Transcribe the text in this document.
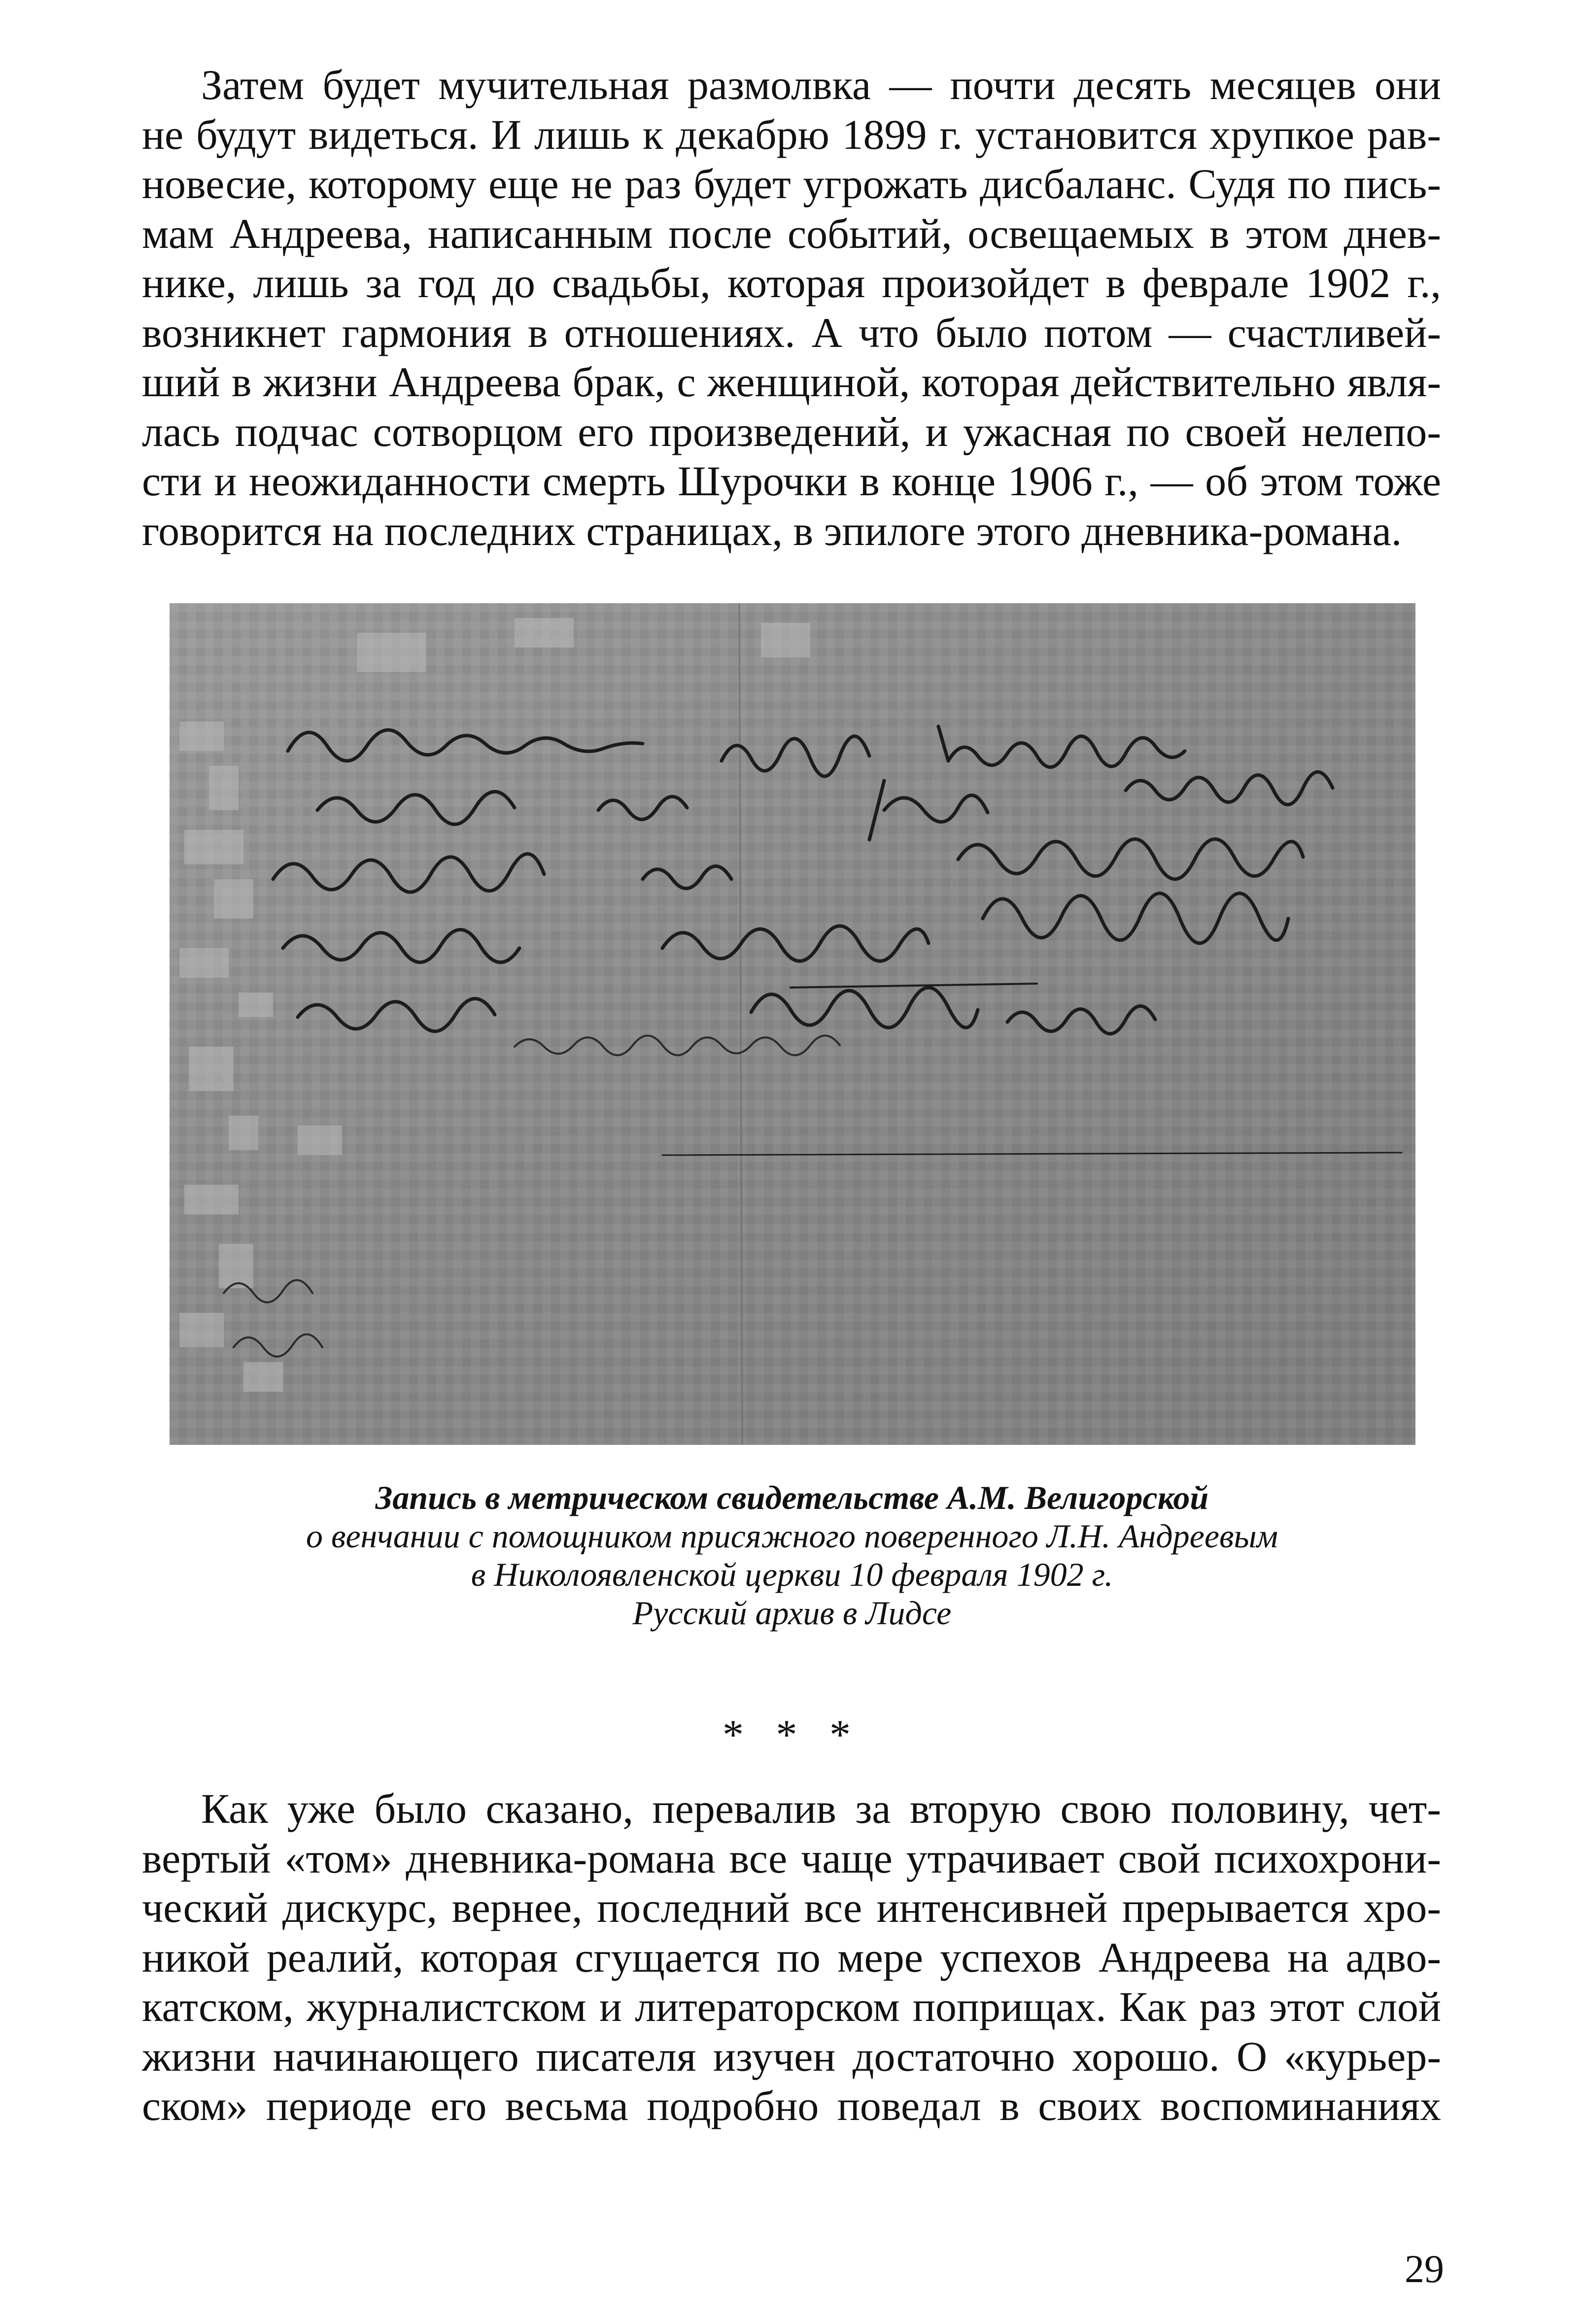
Затем будет мучительная размолвка — почти десять месяцев они
не будут видеться. И лишь к декабрю 1899 г. установится хрупкое рав-
новесие, которому еще не раз будет угрожать дисбаланс. Судя по пись-
мам Андреева, написанным после событий, освещаемых в этом днев-
нике, лишь за год до свадьбы, которая произойдет в феврале 1902 г.,
возникнет гармония в отношениях. А что было потом — счастливей-
ший в жизни Андреева брак, с женщиной, которая действительно явля-
лась подчас сотворцом его произведений, и ужасная по своей нелепо-
сти и неожиданности смерть Шурочки в конце 1906 г., — об этом тоже
говорится на последних страницах, в эпилоге этого дневника-романа.
Запись в метрическом свидетельстве А.М. Велигорской
о венчании с помощником присяжного поверенного Л.Н. Андреевым
в Николоявленской церкви 10 февраля 1902 г.
Русский архив в Лидсе
* * *
Как уже было сказано, перевалив за вторую свою половину, чет-
вертый «том» дневника-романа все чаще утрачивает свой психохрони-
ческий дискурс, вернее, последний все интенсивней прерывается хро-
никой реалий, которая сгущается по мере успехов Андреева на адво-
катском, журналистском и литераторском поприщах. Как раз этот слой
жизни начинающего писателя изучен достаточно хорошо. О «курьер-
ском» периоде его весьма подробно поведал в своих воспоминаниях
29
